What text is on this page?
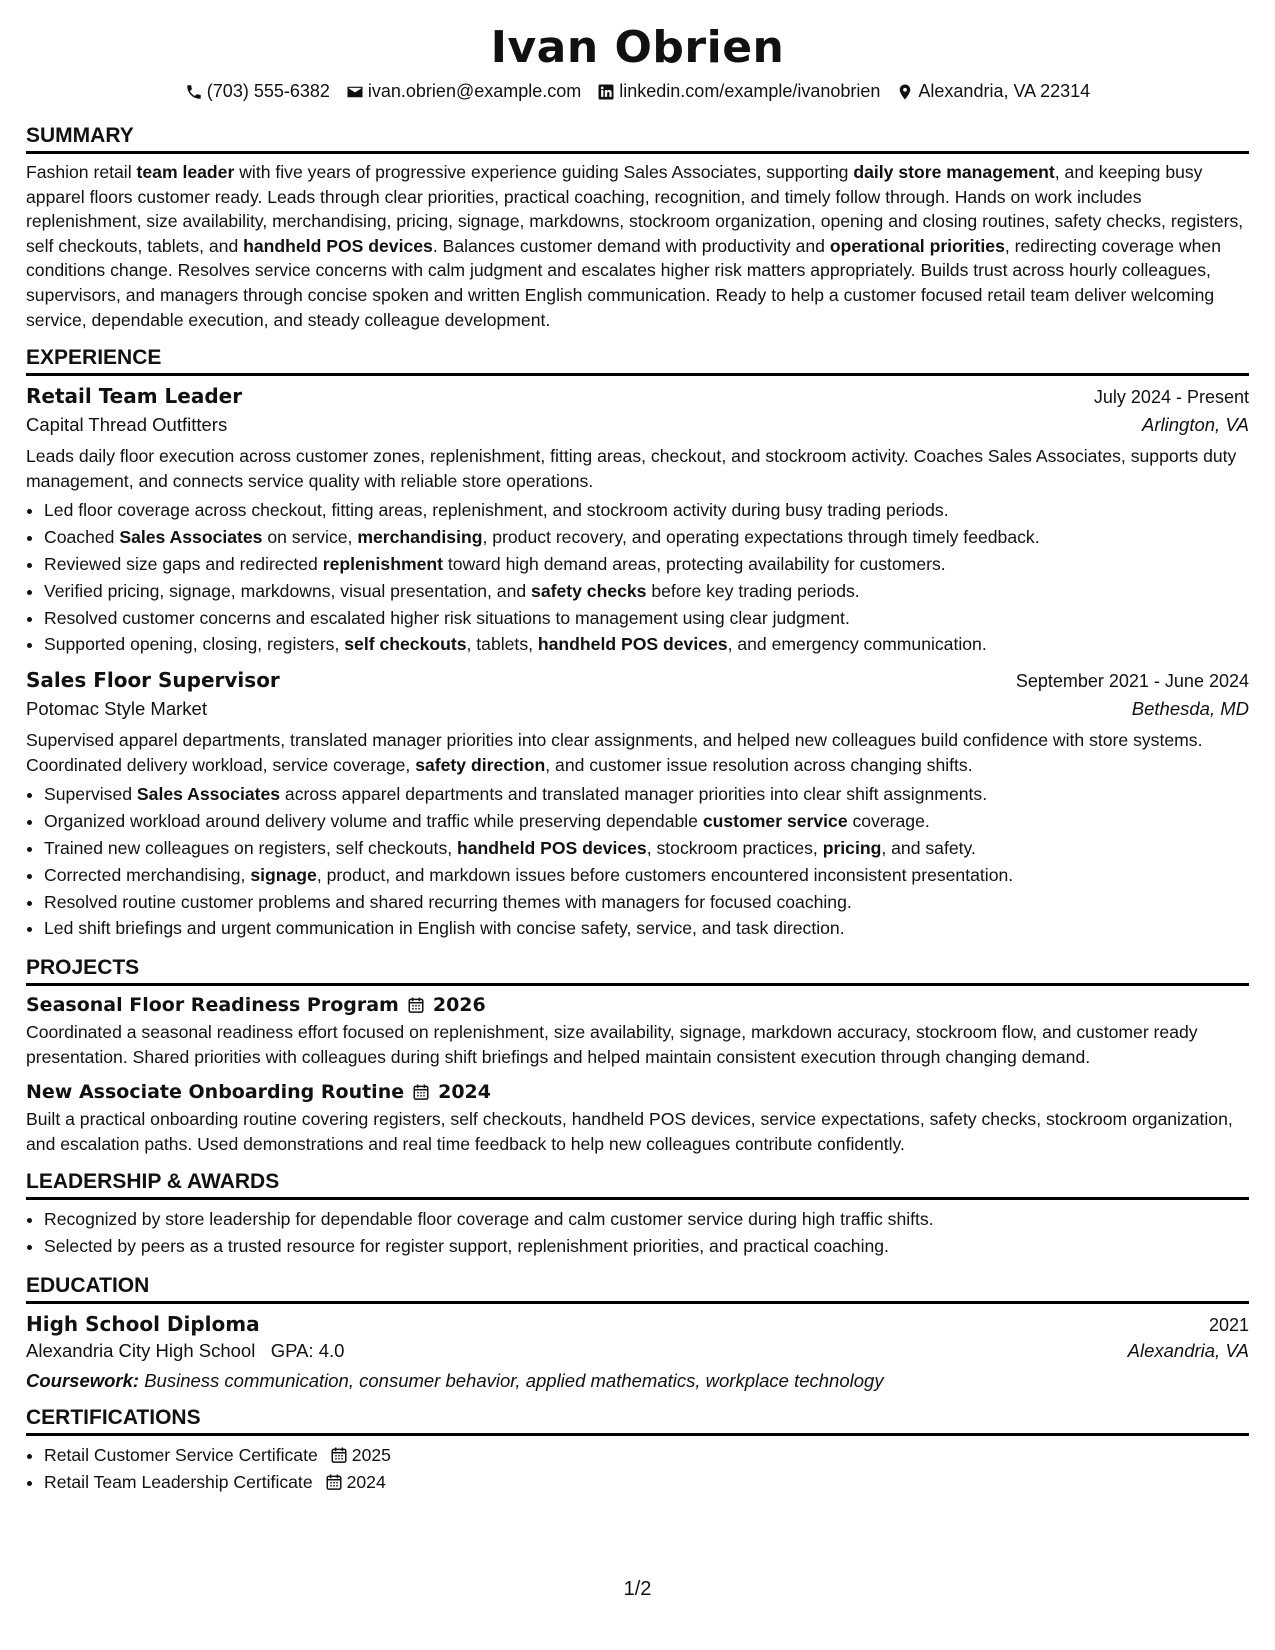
Ivan Obrien
(703) 555-6382 ivan.obrien@example.com linkedin.com/example/ivanobrien Alexandria, VA 22314
SUMMARY

Fashion retail team leader with five years of progressive experience guiding Sales Associates, supporting daily store management, and keeping busy apparel floors customer ready. Leads through clear priorities, practical coaching, recognition, and timely follow through. Hands on work includes replenishment, size availability, merchandising, pricing, signage, markdowns, stockroom organization, opening and closing routines, safety checks, registers, self checkouts, tablets, and handheld POS devices. Balances customer demand with productivity and operational priorities, redirecting coverage when conditions change. Resolves service concerns with calm judgment and escalates higher risk matters appropriately. Builds trust across hourly colleagues, supervisors, and managers through concise spoken and written English communication. Ready to help a customer focused retail team deliver welcoming service, dependable execution, and steady colleague development.

EXPERIENCE
Retail Team Leader	July 2024 - Present
Capital Thread Outfitters	Arlington, VA

Leads daily floor execution across customer zones, replenishment, fitting areas, checkout, and stockroom activity. Coaches Sales Associates, supports duty management, and connects service quality with reliable store operations.

• Led floor coverage across checkout, fitting areas, replenishment, and stockroom activity during busy trading periods.
• Coached Sales Associates on service, merchandising, product recovery, and operating expectations through timely feedback.
• Reviewed size gaps and redirected replenishment toward high demand areas, protecting availability for customers.
• Verified pricing, signage, markdowns, visual presentation, and safety checks before key trading periods.
• Resolved customer concerns and escalated higher risk situations to management using clear judgment.
• Supported opening, closing, registers, self checkouts, tablets, handheld POS devices, and emergency communication.
Sales Floor Supervisor	September 2021 - June 2024
Potomac Style Market	Bethesda, MD

Supervised apparel departments, translated manager priorities into clear assignments, and helped new colleagues build confidence with store systems. Coordinated delivery workload, service coverage, safety direction, and customer issue resolution across changing shifts.

• Supervised Sales Associates across apparel departments and translated manager priorities into clear shift assignments.
• Organized workload around delivery volume and traffic while preserving dependable customer service coverage.
• Trained new colleagues on registers, self checkouts, handheld POS devices, stockroom practices, pricing, and safety.
• Corrected merchandising, signage, product, and markdown issues before customers encountered inconsistent presentation.
• Resolved routine customer problems and shared recurring themes with managers for focused coaching.
• Led shift briefings and urgent communication in English with concise safety, service, and task direction.
PROJECTS
Seasonal Floor Readiness Program 2026

Coordinated a seasonal readiness effort focused on replenishment, size availability, signage, markdown accuracy, stockroom flow, and customer ready presentation. Shared priorities with colleagues during shift briefings and helped maintain consistent execution through changing demand.

New Associate Onboarding Routine 2024

Built a practical onboarding routine covering registers, self checkouts, handheld POS devices, service expectations, safety checks, stockroom organization, and escalation paths. Used demonstrations and real time feedback to help new colleagues contribute confidently.

LEADERSHIP & AWARDS
• Recognized by store leadership for dependable floor coverage and calm customer service during high traffic shifts.
• Selected by peers as a trusted resource for register support, replenishment priorities, and practical coaching.
EDUCATION
High School Diploma	2021
Alexandria City High School GPA: 4.0	Alexandria, VA
Coursework: Business communication, consumer behavior, applied mathematics, workplace technology
CERTIFICATIONS
• Retail Customer Service Certificate 2025
• Retail Team Leadership Certificate 2024
1/2
